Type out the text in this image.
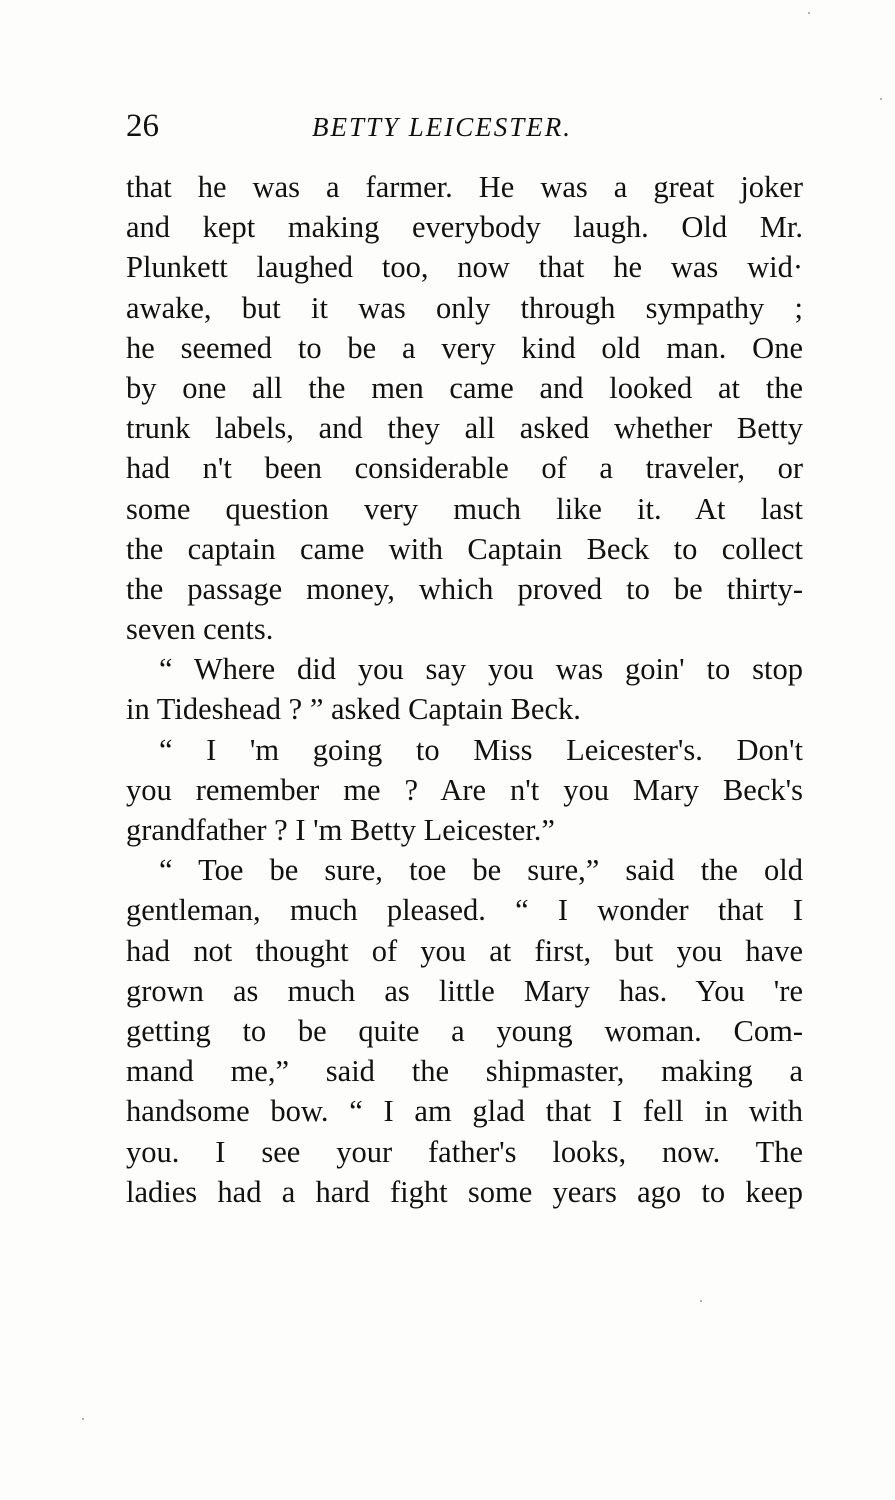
26	BETTY LEICESTER.
that he was a farmer. He was a great joker
and kept making everybody laugh. Old Mr.
Plunkett laughed too, now that he was wid·
awake, but it was only through sympathy ;
he seemed to be a very kind old man. One
by one all the men came and looked at the
trunk labels, and they all asked whether Betty
had n't been considerable of a traveler, or
some question very much like it. At last
the captain came with Captain Beck to collect
the passage money, which proved to be thirty-
seven cents.
“ Where did you say you was goin' to stop
in Tideshead ? ” asked Captain Beck.
“ I 'm going to Miss Leicester's. Don't
you remember me ? Are n't you Mary Beck's
grandfather ? I 'm Betty Leicester.”
“ Toe be sure, toe be sure,” said the old
gentleman, much pleased. “ I wonder that I
had not thought of you at first, but you have
grown as much as little Mary has. You 're
getting to be quite a young woman. Com-
mand me,” said the shipmaster, making a
handsome bow. “ I am glad that I fell in with
you. I see your father's looks, now. The
ladies had a hard fight some years ago to keep
